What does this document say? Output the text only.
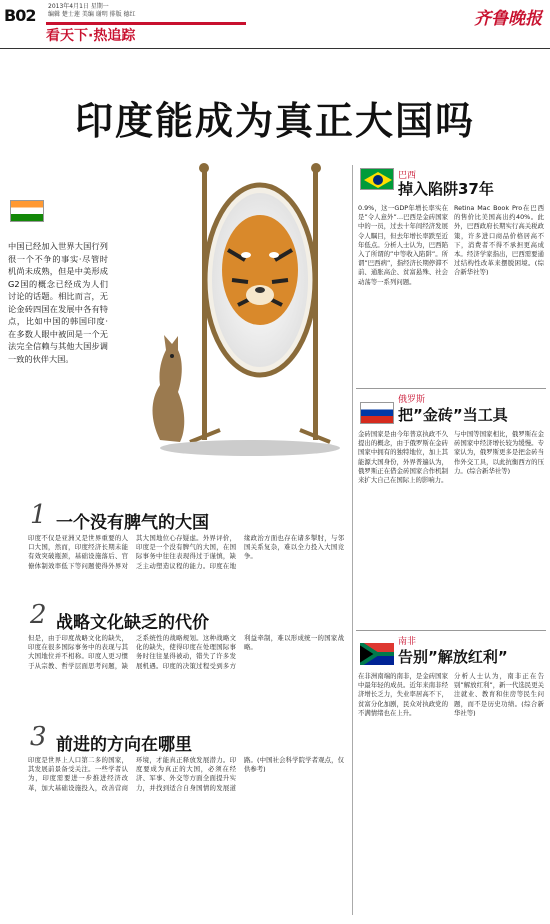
B02 2013年4月1日 星期一
编辑 楚士莲 美编 谢明 排版 德红
看天下·热追踪
齐鲁晚报
印度能成为真正大国吗
中国已经加入世界大国行列很一个不争的事实·尽管时机尚未成熟，但是中美形成G2国的概念已经成为人们讨论的话题。相比而言，无论金砖四国在发展中各有特点，比如中国的韩国印度·在多数人眼中被回是一个无法完全信赖与其他大国步调一致的伙伴大国。
巴西
掉入陷阱37年
0.9%，这一GDP年增长率实在是”令人意外”…巴西是金砖国家中的一员，过去十年间经济发展令人瞩目，但去年增长率跌至近年低点。分析人士认为，巴西陷入了所谓的”中等收入陷阱”。所谓”巴西病”，指经济长期停滞不前、通胀高企、贫富悬殊、社会动荡等一系列问题。
Retina Mac Book Pro在巴西的售价比美国高出约40%。此外，巴西政府长期实行高关税政策，许多进口商品价格居高不下，消费者不得不承担更高成本。经济学家指出，巴西需要通过结构性改革来摆脱困境。(综合新华社等)
俄罗斯
把”金砖”当工具
金砖国家是由今年普京执政不久提出的概念，由于俄罗斯在金砖国家中拥有的独特地位，加上其能源大国身份，外界普遍认为，俄罗斯正在借金砖国家合作机制来扩大自己在国际上的影响力。
与中国等国家相比，俄罗斯在金砖国家中经济增长较为缓慢。专家认为，俄罗斯更多是把金砖当作外交工具，以此抗衡西方的压力。(综合新华社等)
南非
告别”解放红利”
在非洲南端的南非，是金砖国家中最年轻的成员。近年来南非经济增长乏力，失业率居高不下，贫富分化加剧，民众对执政党的不满情绪也在上升。
分析人士认为，南非正在告别”解放红利”，新一代选民更关注就业、教育和住房等民生问题，而不是历史功绩。(综合新华社等)
1 一个没有脾气的大国
印度不仅是亚洲又是世界重要的人口大国，然而，印度经济长期未能有效突破瓶颈，基础设施落后、官僚体制效率低下等问题使得外界对其大国地位心存疑虑。外界评价，印度是一个没有脾气的大国，在国际事务中往往表现得过于谨慎，缺乏主动塑造议程的能力。印度在地缘政治方面也存在诸多掣肘，与邻国关系复杂，难以全力投入大国竞争。
2 战略文化缺乏的代价
但是，由于印度战略文化的缺失，印度在很多国际事务中的表现与其大国地位并不相称。印度人更习惯于从宗教、哲学层面思考问题，缺乏系统性的战略规划。这种战略文化的缺失，使得印度在处理国际事务时往往显得被动，错失了许多发展机遇。印度的决策过程受到多方利益牵制，难以形成统一的国家战略。
3 前进的方向在哪里
印度是世界上人口第二多的国家，其发展前景备受关注。一些学者认为，印度需要进一步推进经济改革，加大基础设施投入，改善营商环境，才能真正释放发展潜力。印度要成为真正的大国，必须在经济、军事、外交等方面全面提升实力，并找到适合自身国情的发展道路。(中国社会科学院学者观点，仅供参考)
